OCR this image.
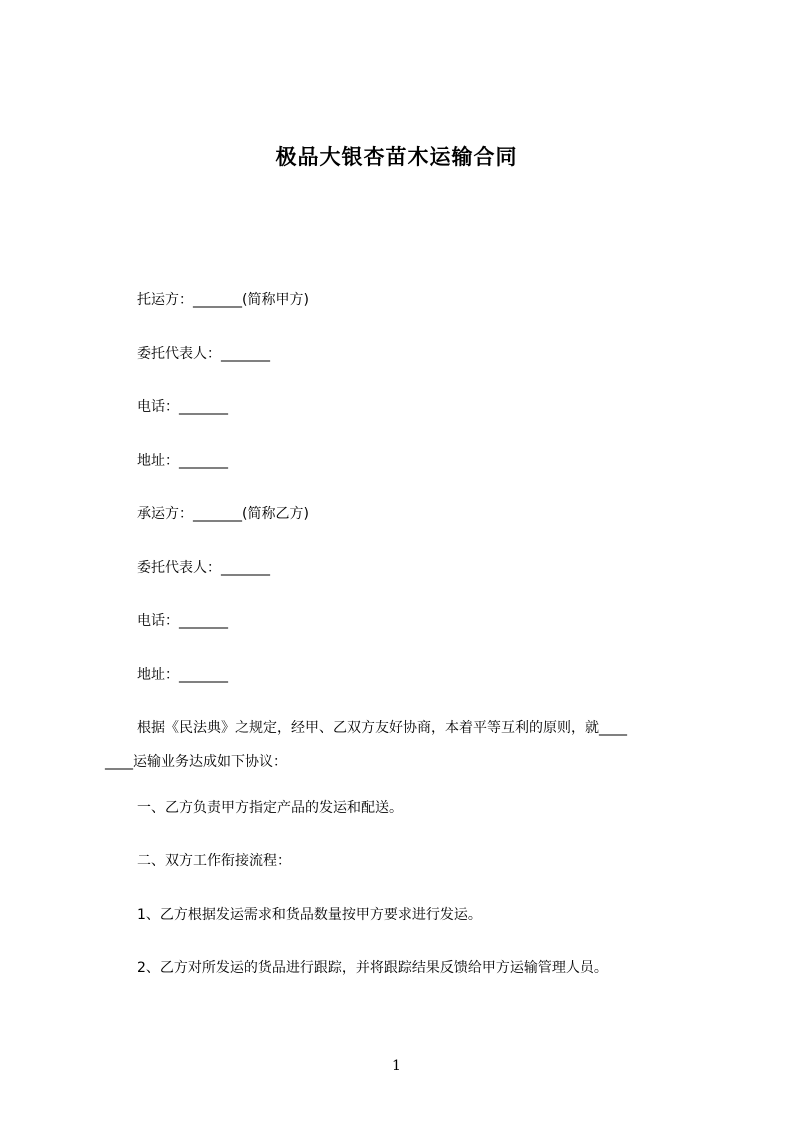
极品大银杏苗木运输合同
托运方：_______(简称甲方)
委托代表人：_______
电话：_______
地址：_______
承运方：_______(简称乙方)
委托代表人：_______
电话：_______
地址：_______
根据《民法典》之规定，经甲、乙双方友好协商，本着平等互利的原则，就____
____运输业务达成如下协议：
一、乙方负责甲方指定产品的发运和配送。
二、双方工作衔接流程：
1、乙方根据发运需求和货品数量按甲方要求进行发运。
2、乙方对所发运的货品进行跟踪，并将跟踪结果反馈给甲方运输管理人员。
1
